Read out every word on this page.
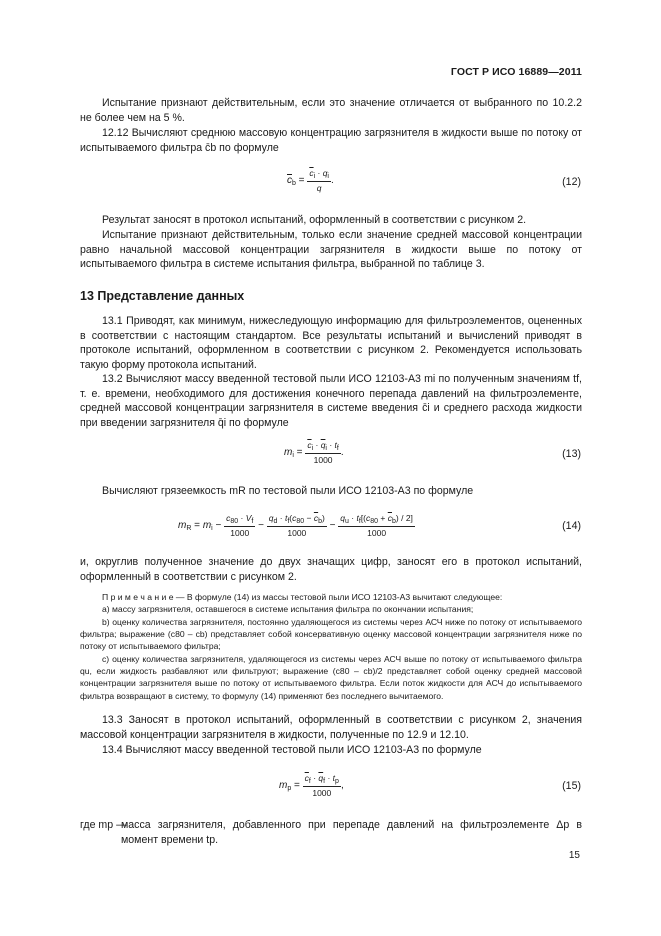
ГОСТ Р ИСО 16889—2011

Испытание признают действительным, если это значение отличается от выбранного по 10.2.2 не более чем на 5 %.

12.12 Вычисляют среднюю массовую концентрацию загрязнителя в жидкости выше по потоку от испытываемого фильтра c̄b по формуле

$\overline{c}_b = \frac{\overline{c}_i \cdot q_i}{q}$ .	(12)

Результат заносят в протокол испытаний, оформленный в соответствии с рисунком 2.

Испытание признают действительным, только если значение средней массовой концентрации равно начальной массовой концентрации загрязнителя в жидкости выше по потоку от испытываемого фильтра в системе испытания фильтра, выбранной по таблице 3.

13 Представление данных

13.1 Приводят, как минимум, нижеследующую информацию для фильтроэлементов, оцененных в соответствии с настоящим стандартом. Все результаты испытаний и вычислений приводят в протоколе испытаний, оформленном в соответствии с рисунком 2. Рекомендуется использовать такую форму протокола испытаний.

13.2 Вычисляют массу введенной тестовой пыли ИСО 12103-А3 mi по полученным значениям tf, т. е. времени, необходимого для достижения конечного перепада давлений на фильтроэлементе, средней массовой концентрации загрязнителя в системе введения c̄i и среднего расхода жидкости при введении загрязнителя q̄i по формуле

$m_i = \frac{\overline{c}_i \cdot \overline{q}_i \cdot t_f}{1000}$ .	(13)

Вычисляют грязеемкость mR по тестовой пыли ИСО 12103-А3 по формуле

$m_R = m_i - \frac{c_{80} \cdot V_f}{1000} - \frac{q_d \cdot t_f(c_{80} - \overline{c}_b)}{1000} - \frac{q_u \cdot t_f[(c_{80} + \overline{c}_b) / 2]}{1000}$	(14)

и, округлив полученное значение до двух значащих цифр, заносят его в протокол испытаний, оформленный в соответствии с рисунком 2.

П р и м е ч а н и е — В формуле (14) из массы тестовой пыли ИСО 12103-А3 вычитают следующее:

а) массу загрязнителя, оставшегося в системе испытания фильтра по окончании испытания;

b) оценку количества загрязнителя, постоянно удаляющегося из системы через АСЧ ниже по потоку от испытываемого фильтра; выражение (c80 – cb) представляет собой консервативную оценку массовой концентрации загрязнителя ниже по потоку от испытываемого фильтра;

с) оценку количества загрязнителя, удаляющегося из системы через АСЧ выше по потоку от испытываемого фильтра qu, если жидкость разбавляют или фильтруют; выражение (c80 – cb)/2 представляет собой оценку средней массовой концентрации загрязнителя выше по потоку от испытываемого фильтра. Если поток жидкости для АСЧ до испытываемого фильтра возвращают в систему, то формулу (14) применяют без последнего вычитаемого.

13.3 Заносят в протокол испытаний, оформленный в соответствии с рисунком 2, значения массовой концентрации загрязнителя в жидкости, полученные по 12.9 и 12.10.

13.4 Вычисляют массу введенной тестовой пыли ИСО 12103-А3 по формуле

$m_p = \frac{\overline{c}_f \cdot \overline{q}_f \cdot t_p}{1000}$ ,	(15)
где mp —
масса загрязнителя, добавленного при перепаде давлений на фильтроэлементе Δp в момент времени tp.
15
